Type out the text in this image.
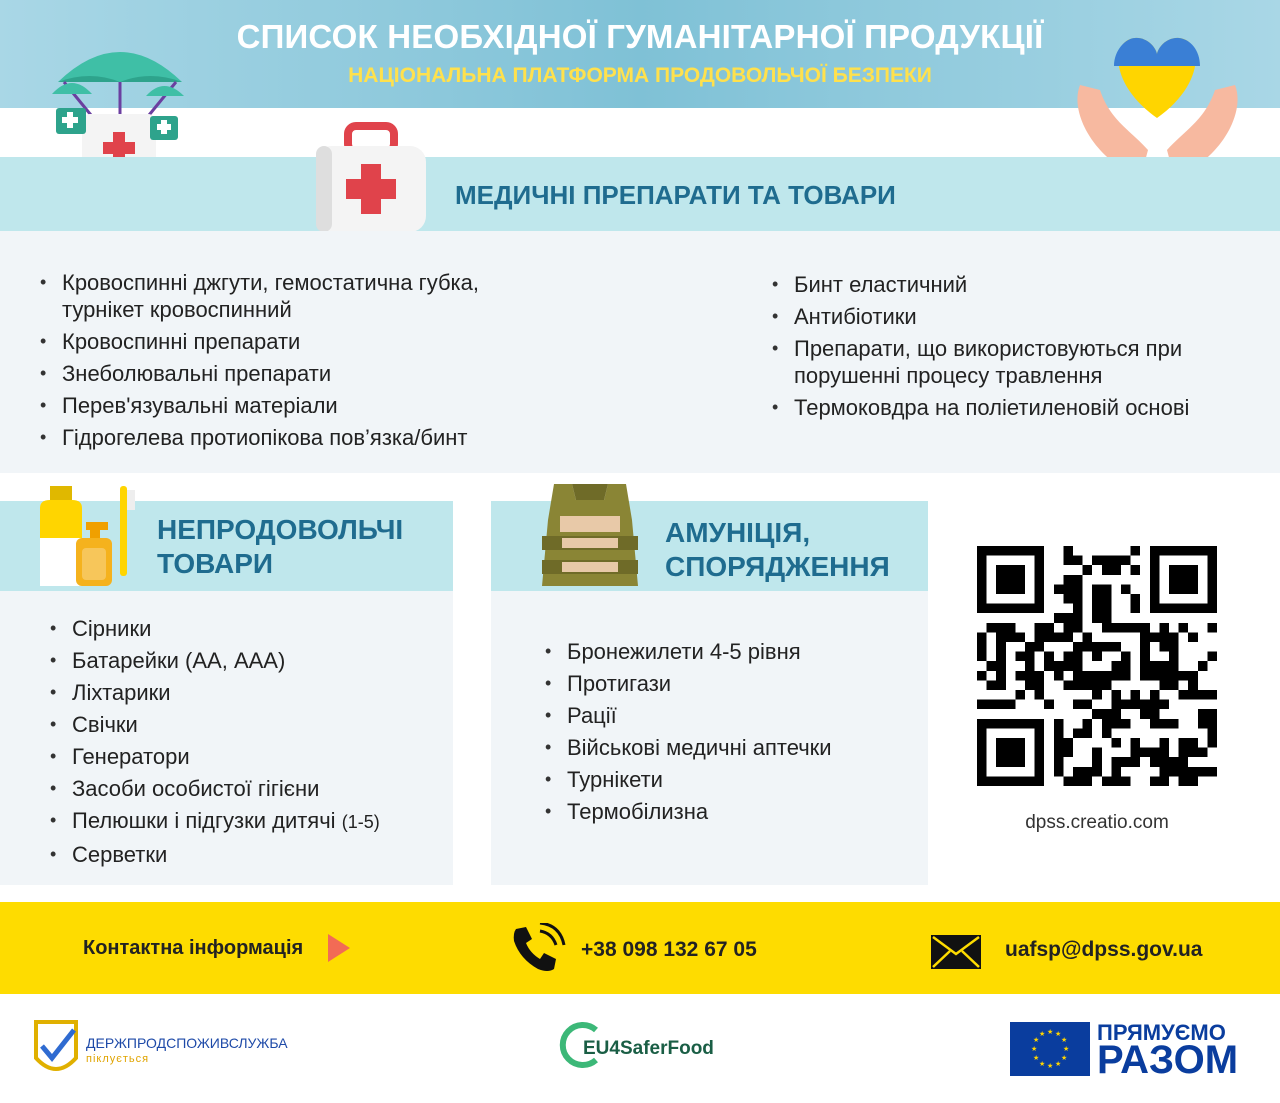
СПИСОК НЕОБХІДНОЇ ГУМАНІТАРНОЇ ПРОДУКЦІЇ
НАЦІОНАЛЬНА ПЛАТФОРМА ПРОДОВОЛЬЧОЇ БЕЗПЕКИ
МЕДИЧНІ ПРЕПАРАТИ ТА ТОВАРИ
• Кровоспинні джгути, гемостатична губка, турнікет кровоспинний
• Кровоспинні препарати
• Знеболювальні препарати
• Перев'язувальні матеріали
• Гідрогелева протиопікова пов’язка/бинт
• Бинт еластичний
• Антибіотики
• Препарати, що використовуються при порушенні процесу травлення
• Термоковдра на поліетиленовій основі
НЕПРОДОВОЛЬЧІ
ТОВАРИ
• Сірники
• Батарейки (АА, ААА)
• Ліхтарики
• Свічки
• Генератори
• Засоби особистої гігієни
• Пелюшки і підгузки дитячі (1-5)
• Серветки
АМУНІЦІЯ,
СПОРЯДЖЕННЯ
• Бронежилети 4-5 рівня
• Протигази
• Рації
• Військові медичні аптечки
• Турнікети
• Термобілизна	dpss.creatio.com
Контактна інформація	+38 098 132 67 05	uafsp@dpss.gov.ua
ДЕРЖПРОДСПОЖИВСЛУЖБА
піклується	EU4SaferFood
★ ★
★
★
★
★
★
★
★
★
★
★ ПРЯМУЄМО
РАЗОМ
